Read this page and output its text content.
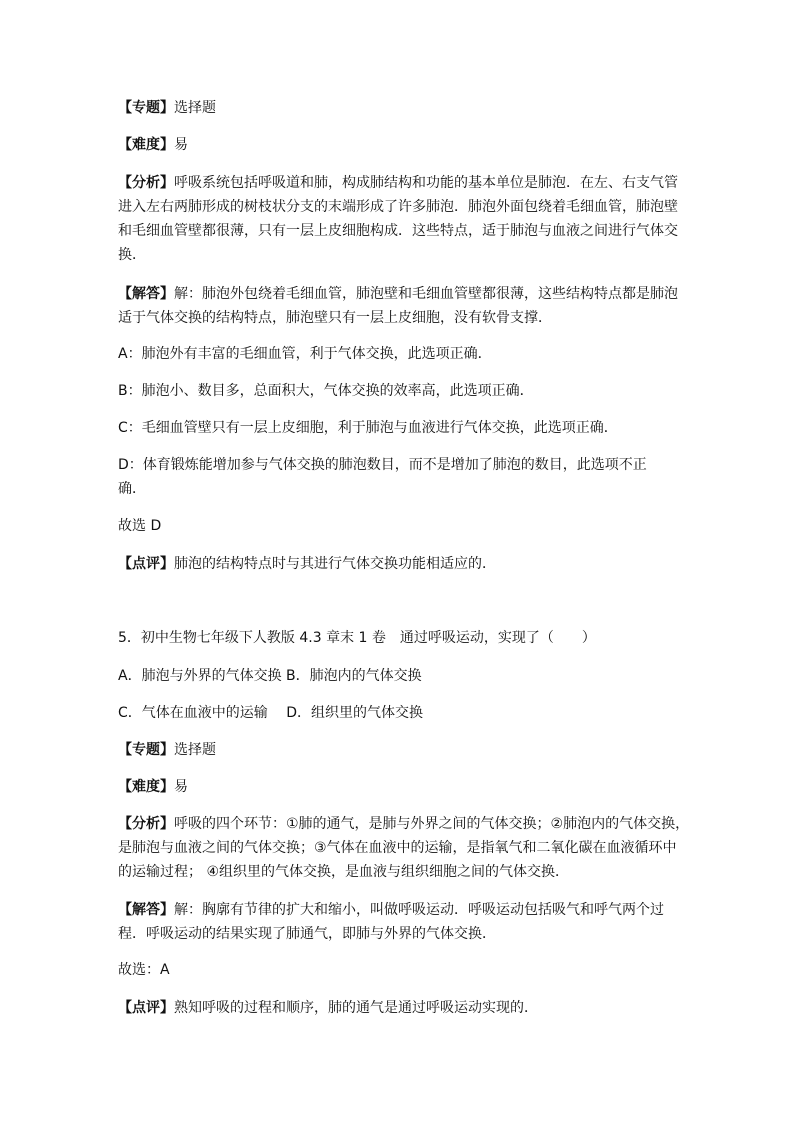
【专题】选择题

【难度】易

【分析】呼吸系统包括呼吸道和肺，构成肺结构和功能的基本单位是肺泡．在左、右支气管
进入左右两肺形成的树枝状分支的末端形成了许多肺泡．肺泡外面包绕着毛细血管，肺泡壁
和毛细血管壁都很薄，只有一层上皮细胞构成．这些特点，适于肺泡与血液之间进行气体交
换．

【解答】解：肺泡外包绕着毛细血管，肺泡壁和毛细血管壁都很薄，这些结构特点都是肺泡
适于气体交换的结构特点，肺泡壁只有一层上皮细胞，没有软骨支撑．

A：肺泡外有丰富的毛细血管，利于气体交换，此选项正确．

B：肺泡小、数目多，总面积大，气体交换的效率高，此选项正确．

C：毛细血管壁只有一层上皮细胞，利于肺泡与血液进行气体交换，此选项正确．

D：体育锻炼能增加参与气体交换的肺泡数目，而不是增加了肺泡的数目，此选项不正
确．

故选 D

【点评】肺泡的结构特点时与其进行气体交换功能相适应的．

5．初中生物七年级下人教版 4.3 章末 1 卷　通过呼吸运动，实现了（　　）

A．肺泡与外界的气体交换 B．肺泡内的气体交换

C．气体在血液中的运输　 D．组织里的气体交换

【专题】选择题

【难度】易

【分析】呼吸的四个环节：①肺的通气，是肺与外界之间的气体交换；②肺泡内的气体交换，
是肺泡与血液之间的气体交换；③气体在血液中的运输，是指氧气和二氧化碳在血液循环中
的运输过程； ④组织里的气体交换，是血液与组织细胞之间的气体交换．

【解答】解：胸廓有节律的扩大和缩小，叫做呼吸运动．呼吸运动包括吸气和呼气两个过
程．呼吸运动的结果实现了肺通气，即肺与外界的气体交换．

故选：A

【点评】熟知呼吸的过程和顺序，肺的通气是通过呼吸运动实现的．
